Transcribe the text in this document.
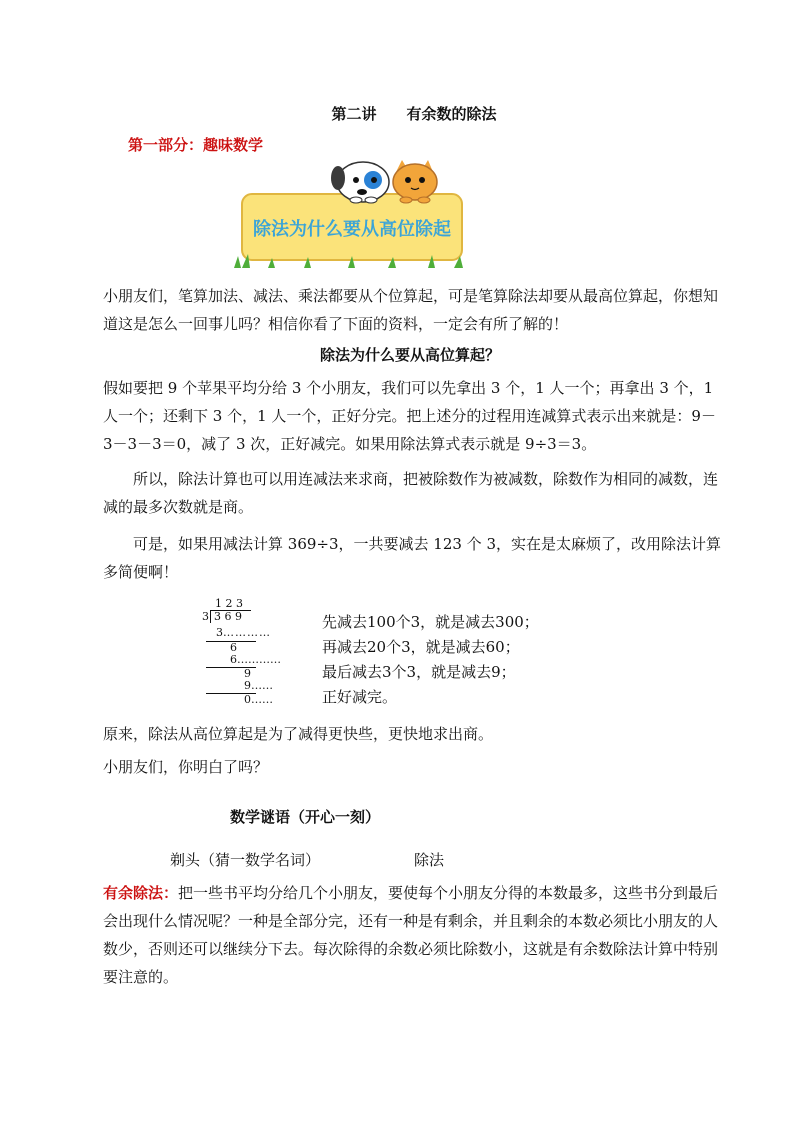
第二讲　　有余数的除法
第一部分：趣味数学
除法为什么要从高位除起
小朋友们，笔算加法、减法、乘法都要从个位算起，可是笔算除法却要从最高位算起，你想知道这是怎么一回事儿吗？相信你看了下面的资料，一定会有所了解的！
除法为什么要从高位算起？
假如要把 9 个苹果平均分给 3 个小朋友，我们可以先拿出 3 个，1 人一个；再拿出 3 个，1 人一个；还剩下 3 个，1 人一个，正好分完。把上述分的过程用连减算式表示出来就是：9－3－3－3＝0，减了 3 次，正好减完。如果用除法算式表示就是 9÷3＝3。
所以，除法计算也可以用连减法来求商，把被除数作为被减数，除数作为相同的减数，连减的最多次数就是商。
可是，如果用减法计算 369÷3，一共要减去 123 个 3，实在是太麻烦了，改用除法计算多简便啊！
1 2 3
3 3 6 9
3…………
6
6…………
9
9……
0……
先减去100个3，就是减去300；
再减去20个3，就是减去60；
最后减去3个3，就是减去9；
正好减完。
原来，除法从高位算起是为了减得更快些，更快地求出商。
小朋友们，你明白了吗？
数学谜语（开心一刻）
剃头（猜一数学名词）	除法
有余除法：把一些书平均分给几个小朋友，要使每个小朋友分得的本数最多，这些书分到最后会出现什么情况呢？一种是全部分完，还有一种是有剩余，并且剩余的本数必须比小朋友的人数少，否则还可以继续分下去。每次除得的余数必须比除数小，这就是有余数除法计算中特别要注意的。
